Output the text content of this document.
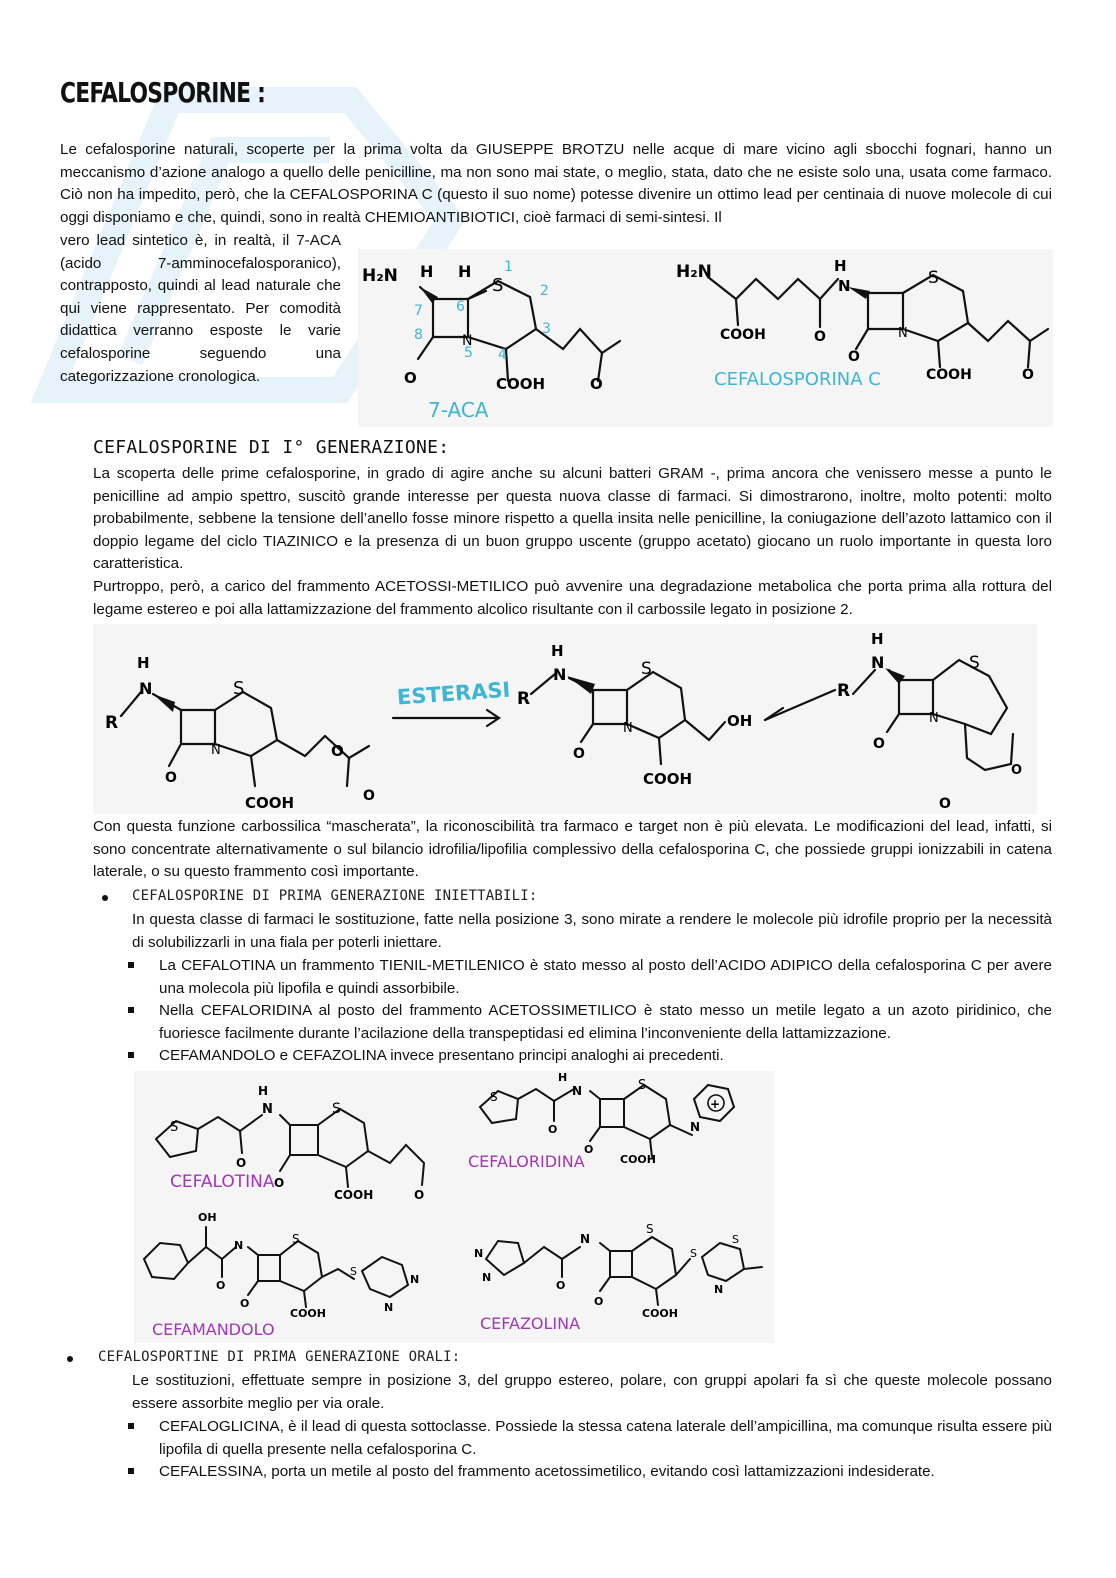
CEFALOSPORINE :

Le cefalosporine naturali, scoperte per la prima volta da GIUSEPPE BROTZU nelle acque di mare vicino agli sbocchi fognari, hanno un meccanismo d’azione analogo a quello delle penicilline, ma non sono mai state, o meglio, stata, dato che ne esiste solo una, usata come farmaco. Ciò non ha impedito, però, che la CEFALOSPORINA C (questo il suo nome) potesse divenire un ottimo lead per centinaia di nuove molecole di cui oggi disponiamo e che, quindi, sono in realtà CHEMIOANTIBIOTICI, cioè farmaci di semi-sintesi. Il

vero lead sintetico è, in realtà, il 7-ACA (acido 7-amminocefalosporanico), contrapposto, quindi al lead naturale che qui viene rappresentato. Per comodità didattica verranno esposte le varie cefalosporine seguendo una categorizzazione cronologica.

H₂N H H
S
N
O	COOH	O
1
2
3
4
5
6
7
8
7-ACA
H₂N	H
N	S
N
COOH	O
O
COOH	O
CEFALOSPORINA C
CEFALOSPORINE DI I° GENERAZIONE:

La scoperta delle prime cefalosporine, in grado di agire anche su alcuni batteri GRAM -, prima ancora che venissero messe a punto le penicilline ad ampio spettro, suscitò grande interesse per questa nuova classe di farmaci. Si dimostrarono, inoltre, molto potenti: molto probabilmente, sebbene la tensione dell’anello fosse minore rispetto a quella insita nelle penicilline, la coniugazione dell’azoto lattamico con il doppio legame del ciclo TIAZINICO e la presenza di un buon gruppo uscente (gruppo acetato) giocano un ruolo importante in questa loro caratteristica.

Purtroppo, però, a carico del frammento ACETOSSI-METILICO può avvenire una degradazione metabolica che porta prima alla rottura del legame estereo e poi alla lattamizzazione del frammento alcolico risultante con il carbossile legato in posizione 2.

R
H
N	S
N
O
COOH
O
O
ESTERASI R
H
N	S
N
O
OH
COOH
R
H
N	S
N
O
O
O

Con questa funzione carbossilica “mascherata”, la riconoscibilità tra farmaco e target non è più elevata. Le modificazioni del lead, infatti, si sono concentrate alternativamente o sul bilancio idrofilia/lipofilia complessivo della cefalosporina C, che possiede gruppi ionizzabili in catena laterale, o su questo frammento così importante.

CEFALOSPORINE DI PRIMA GENERAZIONE INIETTABILI:

In questa classe di farmaci le sostituzione, fatte nella posizione 3, sono mirate a rendere le molecole più idrofile proprio per la necessità di solubilizzarli in una fiala per poterli iniettare.

La CEFALOTINA un frammento TIENIL-METILENICO è stato messo al posto dell’ACIDO ADIPICO della cefalosporina C per avere una molecola più lipofila e quindi assorbibile.

Nella CEFALORIDINA al posto del frammento ACETOSSIMETILICO è stato messo un metile legato a un azoto piridinico, che fuoriesce facilmente durante l’acilazione della transpeptidasi ed elimina l’inconveniente della lattamizzazione.

CEFAMANDOLO e CEFAZOLINA invece presentano principi analoghi ai precedenti.

+
S
H
N	S
O
O
COOH	O
CEFALOTINA
S
H
N	S
O
O
COOH
N
CEFALORIDINA
OH
N	S
O
O
COOH
S
N
N
CEFAMANDOLO
N
N
O
N
S
O
COOH
S
S
N
CEFAZOLINA
CEFALOSPORTINE DI PRIMA GENERAZIONE ORALI:

Le sostituzioni, effettuate sempre in posizione 3, del gruppo estereo, polare, con gruppi apolari fa sì che queste molecole possano essere assorbite meglio per via orale.

CEFALOGLICINA, è il lead di questa sottoclasse. Possiede la stessa catena laterale dell’ampicillina, ma comunque risulta essere più lipofila di quella presente nella cefalosporina C.

CEFALESSINA, porta un metile al posto del frammento acetossimetilico, evitando così lattamizzazioni indesiderate.
